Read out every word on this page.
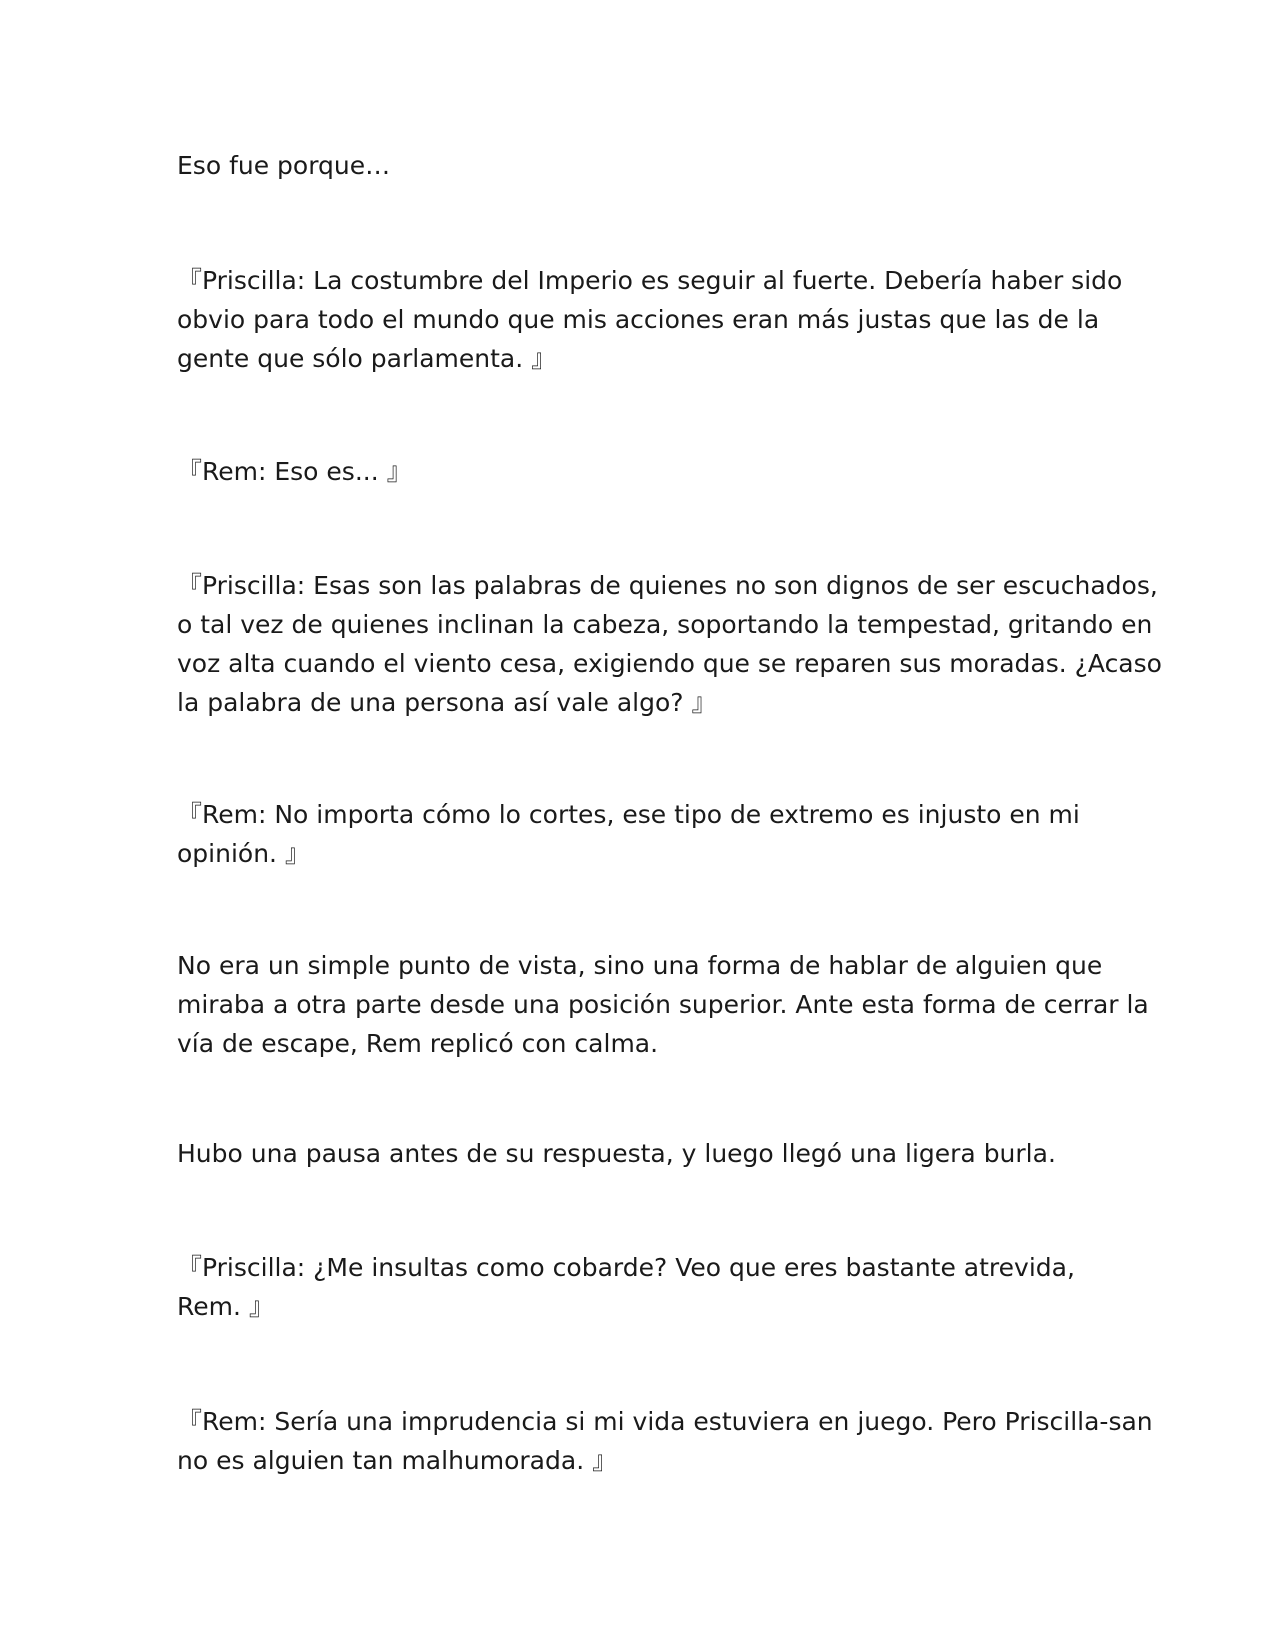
Eso fue porque…

『Priscilla: La costumbre del Imperio es seguir al fuerte. Debería haber sido
obvio para todo el mundo que mis acciones eran más justas que las de la
gente que sólo parlamenta. 』

『Rem: Eso es... 』

『Priscilla: Esas son las palabras de quienes no son dignos de ser escuchados,
o tal vez de quienes inclinan la cabeza, soportando la tempestad, gritando en
voz alta cuando el viento cesa, exigiendo que se reparen sus moradas. ¿Acaso
la palabra de una persona así vale algo? 』

『Rem: No importa cómo lo cortes, ese tipo de extremo es injusto en mi
opinión. 』

No era un simple punto de vista, sino una forma de hablar de alguien que
miraba a otra parte desde una posición superior. Ante esta forma de cerrar la
vía de escape, Rem replicó con calma.

Hubo una pausa antes de su respuesta, y luego llegó una ligera burla.

『Priscilla: ¿Me insultas como cobarde? Veo que eres bastante atrevida,
Rem. 』

『Rem: Sería una imprudencia si mi vida estuviera en juego. Pero Priscilla-san
no es alguien tan malhumorada. 』
